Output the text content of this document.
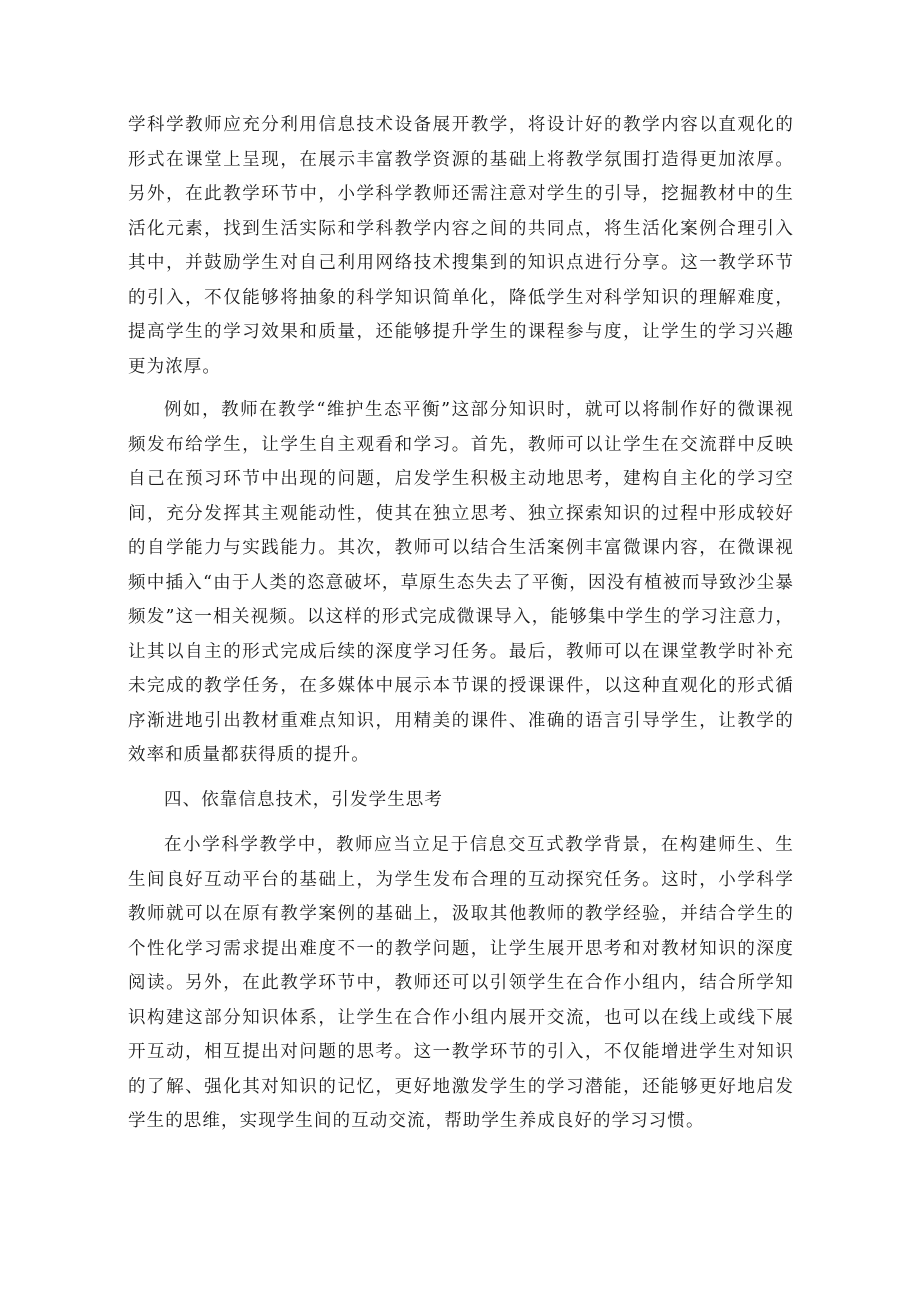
学科学教师应充分利用信息技术设备展开教学，将设计好的教学内容以直观化的形式在课堂上呈现，在展示丰富教学资源的基础上将教学氛围打造得更加浓厚。另外，在此教学环节中，小学科学教师还需注意对学生的引导，挖掘教材中的生活化元素，找到生活实际和学科教学内容之间的共同点，将生活化案例合理引入其中，并鼓励学生对自己利用网络技术搜集到的知识点进行分享。这一教学环节的引入，不仅能够将抽象的科学知识简单化，降低学生对科学知识的理解难度，提高学生的学习效果和质量，还能够提升学生的课程参与度，让学生的学习兴趣更为浓厚。

例如，教师在教学“维护生态平衡”这部分知识时，就可以将制作好的微课视频发布给学生，让学生自主观看和学习。首先，教师可以让学生在交流群中反映自己在预习环节中出现的问题，启发学生积极主动地思考，建构自主化的学习空间，充分发挥其主观能动性，使其在独立思考、独立探索知识的过程中形成较好的自学能力与实践能力。其次，教师可以结合生活案例丰富微课内容，在微课视频中插入“由于人类的恣意破坏，草原生态失去了平衡，因没有植被而导致沙尘暴频发”这一相关视频。以这样的形式完成微课导入，能够集中学生的学习注意力，让其以自主的形式完成后续的深度学习任务。最后，教师可以在课堂教学时补充未完成的教学任务，在多媒体中展示本节课的授课课件，以这种直观化的形式循序渐进地引出教材重难点知识，用精美的课件、准确的语言引导学生，让教学的效率和质量都获得质的提升。

四、依靠信息技术，引发学生思考

在小学科学教学中，教师应当立足于信息交互式教学背景，在构建师生、生生间良好互动平台的基础上，为学生发布合理的互动探究任务。这时，小学科学教师就可以在原有教学案例的基础上，汲取其他教师的教学经验，并结合学生的个性化学习需求提出难度不一的教学问题，让学生展开思考和对教材知识的深度阅读。另外，在此教学环节中，教师还可以引领学生在合作小组内，结合所学知识构建这部分知识体系，让学生在合作小组内展开交流，也可以在线上或线下展开互动，相互提出对问题的思考。这一教学环节的引入，不仅能增进学生对知识的了解、强化其对知识的记忆，更好地激发学生的学习潜能，还能够更好地启发学生的思维，实现学生间的互动交流，帮助学生养成良好的学习习惯。
